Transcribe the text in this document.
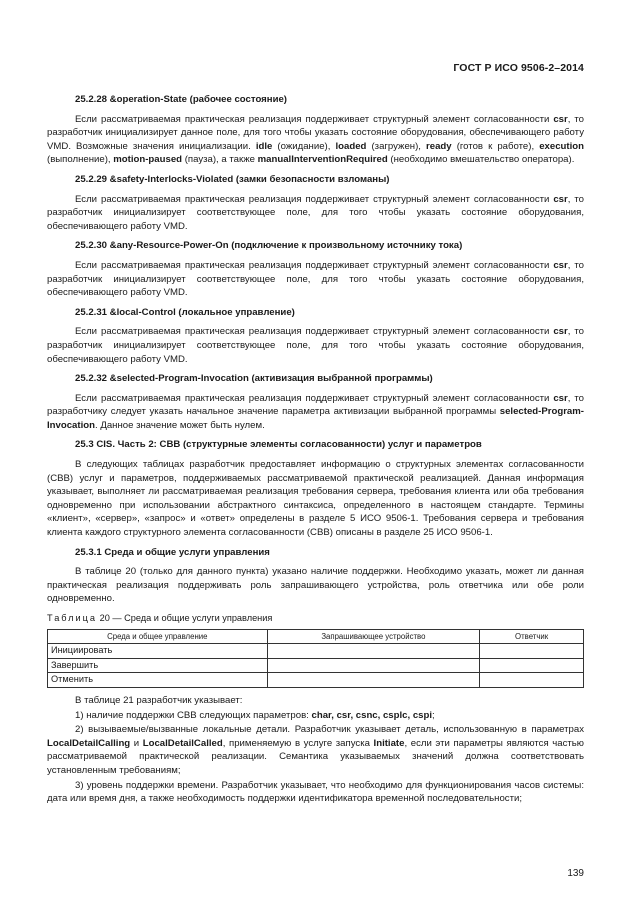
ГОСТ Р ИСО 9506-2–2014
25.2.28 &operation-State (рабочее состояние)
Если рассматриваемая практическая реализация поддерживает структурный элемент согласованности csr, то разработчик инициализирует данное поле, для того чтобы указать состояние оборудования, обеспечивающего работу VMD. Возможные значения инициализации. idle (ожидание), loaded (загружен), ready (готов к работе), execution (выполнение), motion-paused (пауза), а также manualInterventionRequired (необходимо вмешательство оператора).
25.2.29 &safety-Interlocks-Violated (замки безопасности взломаны)
Если рассматриваемая практическая реализация поддерживает структурный элемент согласованности csr, то разработчик инициализирует соответствующее поле, для того чтобы указать состояние оборудования, обеспечивающего работу VMD.
25.2.30 &any-Resource-Power-On (подключение к произвольному источнику тока)
Если рассматриваемая практическая реализация поддерживает структурный элемент согласованности csr, то разработчик инициализирует соответствующее поле, для того чтобы указать состояние оборудования, обеспечивающего работу VMD.
25.2.31 &local-Control (локальное управление)
Если рассматриваемая практическая реализация поддерживает структурный элемент согласованности csr, то разработчик инициализирует соответствующее поле, для того чтобы указать состояние оборудования, обеспечивающего работу VMD.
25.2.32 &selected-Program-Invocation (активизация выбранной программы)
Если рассматриваемая практическая реализация поддерживает структурный элемент согласованности csr, то разработчику следует указать начальное значение параметра активизации выбранной программы selected-Program-Invocation. Данное значение может быть нулем.
25.3 CIS. Часть 2: CBB (структурные элементы согласованности) услуг и параметров
В следующих таблицах разработчик предоставляет информацию о структурных элементах согласованности (CBB) услуг и параметров, поддерживаемых рассматриваемой практической реализацией. Данная информация указывает, выполняет ли рассматриваемая реализация требования сервера, требования клиента или оба требования одновременно при использовании абстрактного синтаксиса, определенного в настоящем стандарте. Термины «клиент», «сервер», «запрос» и «ответ» определены в разделе 5 ИСО 9506-1. Требования сервера и требования клиента каждого структурного элемента согласованности (CBB) описаны в разделе 25 ИСО 9506-1.
25.3.1 Среда и общие услуги управления
В таблице 20 (только для данного пункта) указано наличие поддержки. Необходимо указать, может ли данная практическая реализация поддерживать роль запрашивающего устройства, роль ответчика или обе роли одновременно.
Таблица 20 — Среда и общие услуги управления
Среда и общее управление	Запрашивающее устройство	Ответчик
Инициировать		
Завершить		
Отменить		
В таблице 21 разработчик указывает:
1) наличие поддержки CBB следующих параметров: char, csr, csnc, csplc, cspi;
2) вызываемые/вызванные локальные детали. Разработчик указывает деталь, использованную в параметрах LocalDetailCalling и LocalDetailCalled, применяемую в услуге запуска Initiate, если эти параметры являются частью рассматриваемой практической реализации. Семантика указываемых значений должна соответствовать установленным требованиям;
3) уровень поддержки времени. Разработчик указывает, что необходимо для функционирования часов системы: дата или время дня, а также необходимость поддержки идентификатора временной последовательности;
139
